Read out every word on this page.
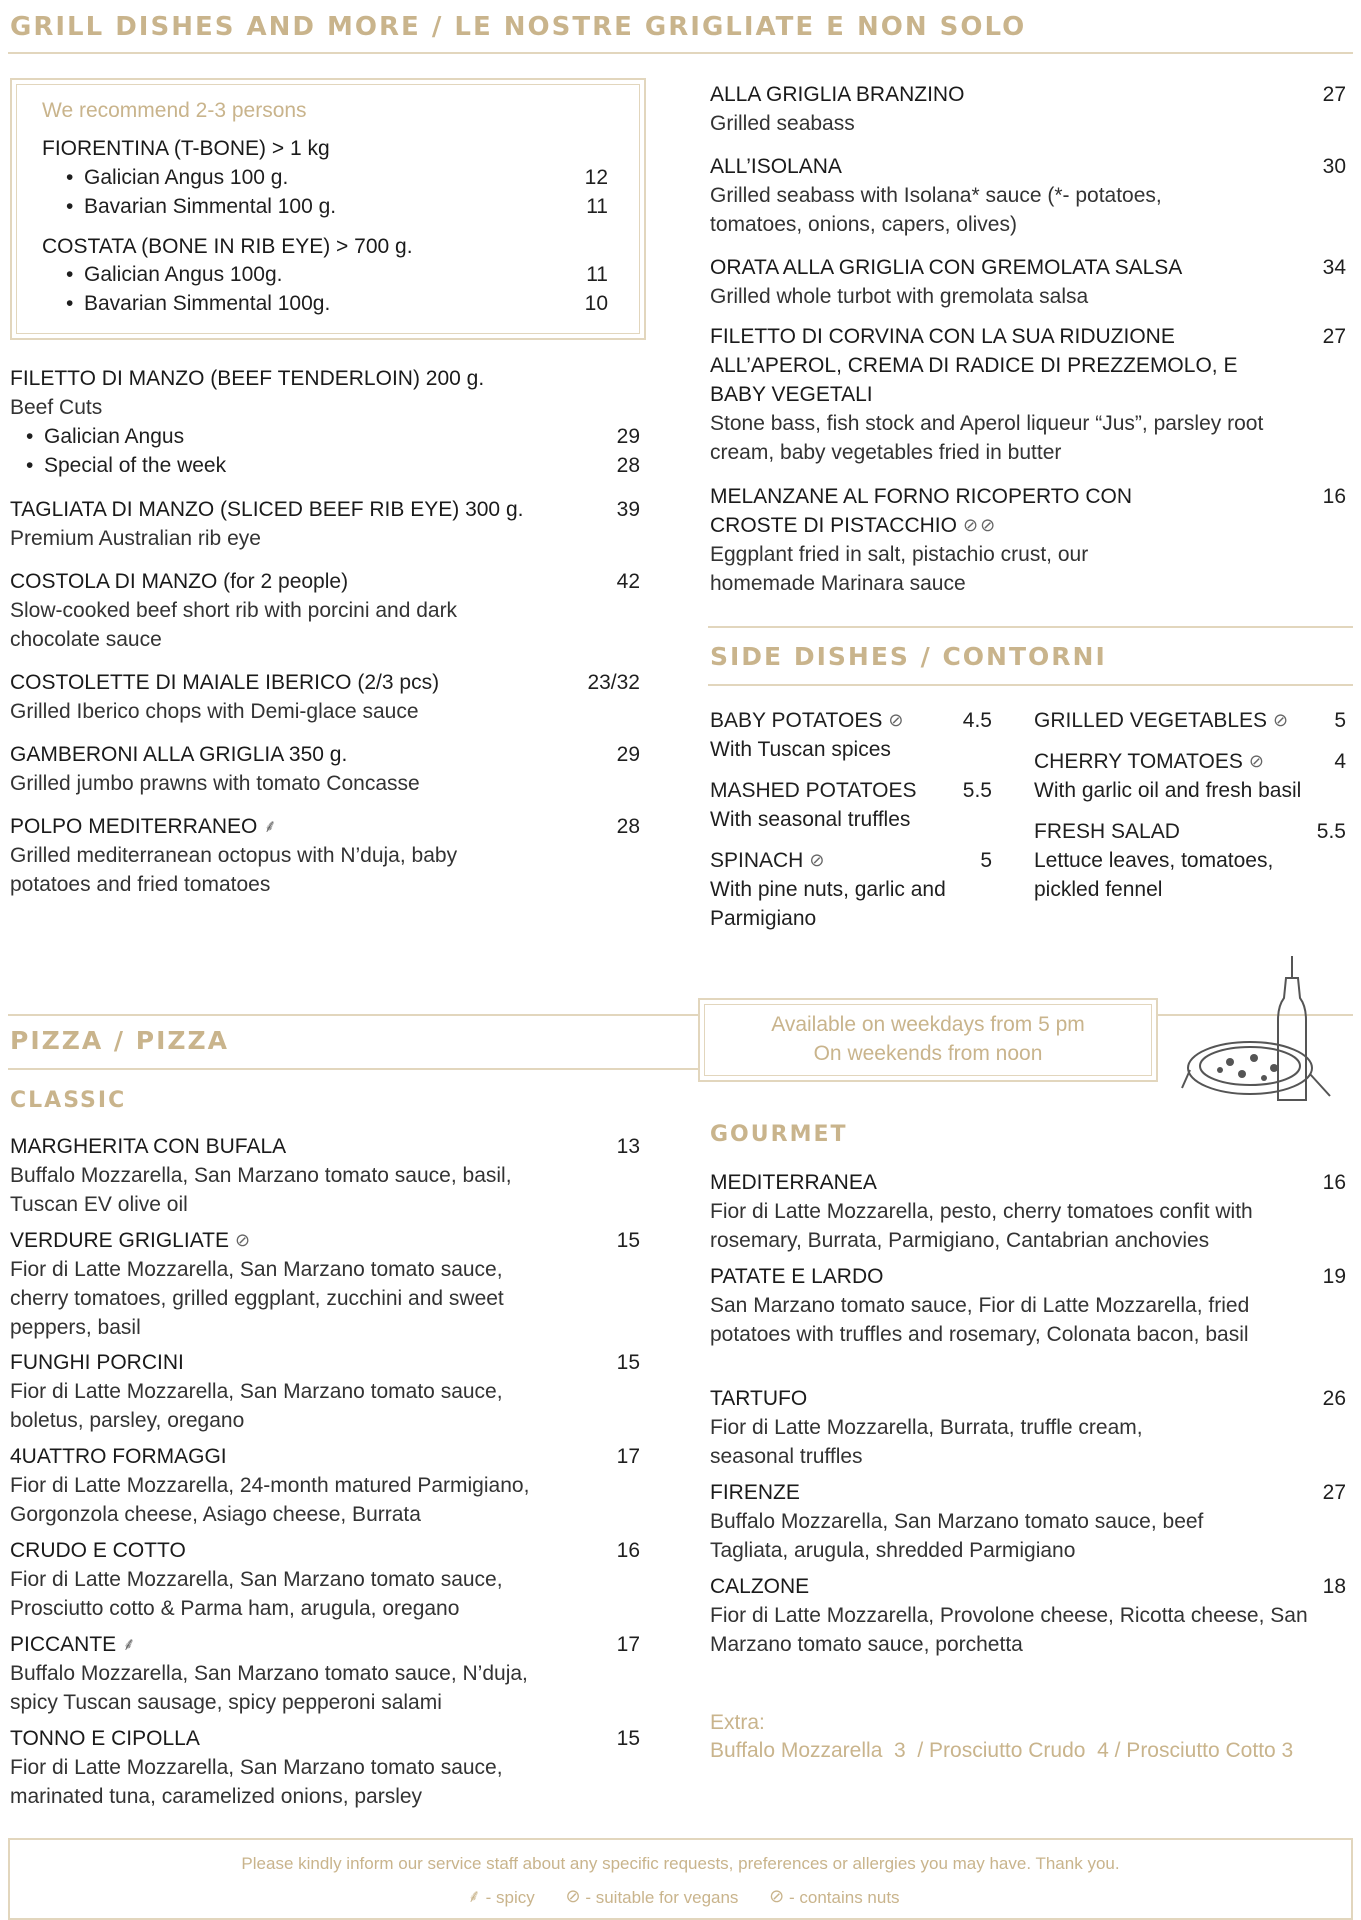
GRILL DISHES AND MORE / LE NOSTRE GRIGLIATE E NON SOLO
We recommend 2-3 persons
FIORENTINA (T-BONE) > 1 kg
• Galician Angus 100 g.
• Bavarian Simmental 100 g.
12
11
COSTATA (BONE IN RIB EYE) > 700 g.
• Galician Angus 100g.
• Bavarian Simmental 100g.
11
10
FILETTO DI MANZO (BEEF TENDERLOIN) 200 g.
Beef Cuts
• Galician Angus
• Special of the week
29
28
TAGLIATA DI MANZO (SLICED BEEF RIB EYE) 300 g.
Premium Australian rib eye
39
COSTOLA DI MANZO (for 2 people)
Slow-cooked beef short rib with porcini and dark chocolate sauce
42
COSTOLETTE DI MAIALE IBERICO (2/3 pcs)
Grilled Iberico chops with Demi-glace sauce
23/32
GAMBERONI ALLA GRIGLIA 350 g.
Grilled jumbo prawns with tomato Concasse
29
POLPO MEDITERRANEO ⸙
Grilled mediterranean octopus with N’duja, baby potatoes and fried tomatoes
28
ALLA GRIGLIA BRANZINO
Grilled seabass
27
ALL’ISOLANA
Grilled seabass with Isolana* sauce (*- potatoes, tomatoes, onions, capers, olives)
30
ORATA ALLA GRIGLIA CON GREMOLATA SALSA
Grilled whole turbot with gremolata salsa
34
FILETTO DI CORVINA CON LA SUA RIDUZIONE ALL’APEROL, CREMA DI RADICE DI PREZZEMOLO, E BABY VEGETALI
Stone bass, fish stock and Aperol liqueur “Jus”, parsley root cream, baby vegetables fried in butter
27
MELANZANE AL FORNO RICOPERTO CON CROSTE DI PISTACCHIO ⊘ ⊘
Eggplant fried in salt, pistachio crust, our homemade Marinara sauce
16
SIDE DISHES / CONTORNI
BABY POTATOES ⊘
With Tuscan spices
4.5
MASHED POTATOES
With seasonal truffles
5.5
SPINACH ⊘
With pine nuts, garlic and Parmigiano
5
GRILLED VEGETABLES ⊘	5
CHERRY TOMATOES ⊘
With garlic oil and fresh basil
4
FRESH SALAD
Lettuce leaves, tomatoes, pickled fennel
5.5
PIZZA / PIZZA
Available on weekdays from 5 pm
On weekends from noon
CLASSIC
MARGHERITA CON BUFALA
Buffalo Mozzarella, San Marzano tomato sauce, basil, Tuscan EV olive oil
13
VERDURE GRIGLIATE ⊘
Fior di Latte Mozzarella, San Marzano tomato sauce, cherry tomatoes, grilled eggplant, zucchini and sweet peppers, basil
15
FUNGHI PORCINI
Fior di Latte Mozzarella, San Marzano tomato sauce, boletus, parsley, oregano
15
4UATTRO FORMAGGI
Fior di Latte Mozzarella, 24-month matured Parmigiano, Gorgonzola cheese, Asiago cheese, Burrata
17
CRUDO E COTTO
Fior di Latte Mozzarella, San Marzano tomato sauce, Prosciutto cotto & Parma ham, arugula, oregano
16
PICCANTE ⸙
Buffalo Mozzarella, San Marzano tomato sauce, N’duja, spicy Tuscan sausage, spicy pepperoni salami
17
TONNO E CIPOLLA
Fior di Latte Mozzarella, San Marzano tomato sauce, marinated tuna, caramelized onions, parsley
15
GOURMET
MEDITERRANEA
Fior di Latte Mozzarella, pesto, cherry tomatoes confit with rosemary, Burrata, Parmigiano, Cantabrian anchovies
16
PATATE E LARDO
San Marzano tomato sauce, Fior di Latte Mozzarella, fried potatoes with truffles and rosemary, Colonata bacon, basil
19
TARTUFO
Fior di Latte Mozzarella, Burrata, truffle cream, seasonal truffles
26
FIRENZE
Buffalo Mozzarella, San Marzano tomato sauce, beef Tagliata, arugula, shredded Parmigiano
27
CALZONE
Fior di Latte Mozzarella, Provolone cheese, Ricotta cheese, San Marzano tomato sauce, porchetta
18
Extra:
Buffalo Mozzarella  3  / Prosciutto Crudo  4 / Prosciutto Cotto 3
Please kindly inform our service staff about any specific requests, preferences or allergies you may have. Thank you.
⸙ - spicy ⊘ - suitable for vegans ⊘ - contains nuts
